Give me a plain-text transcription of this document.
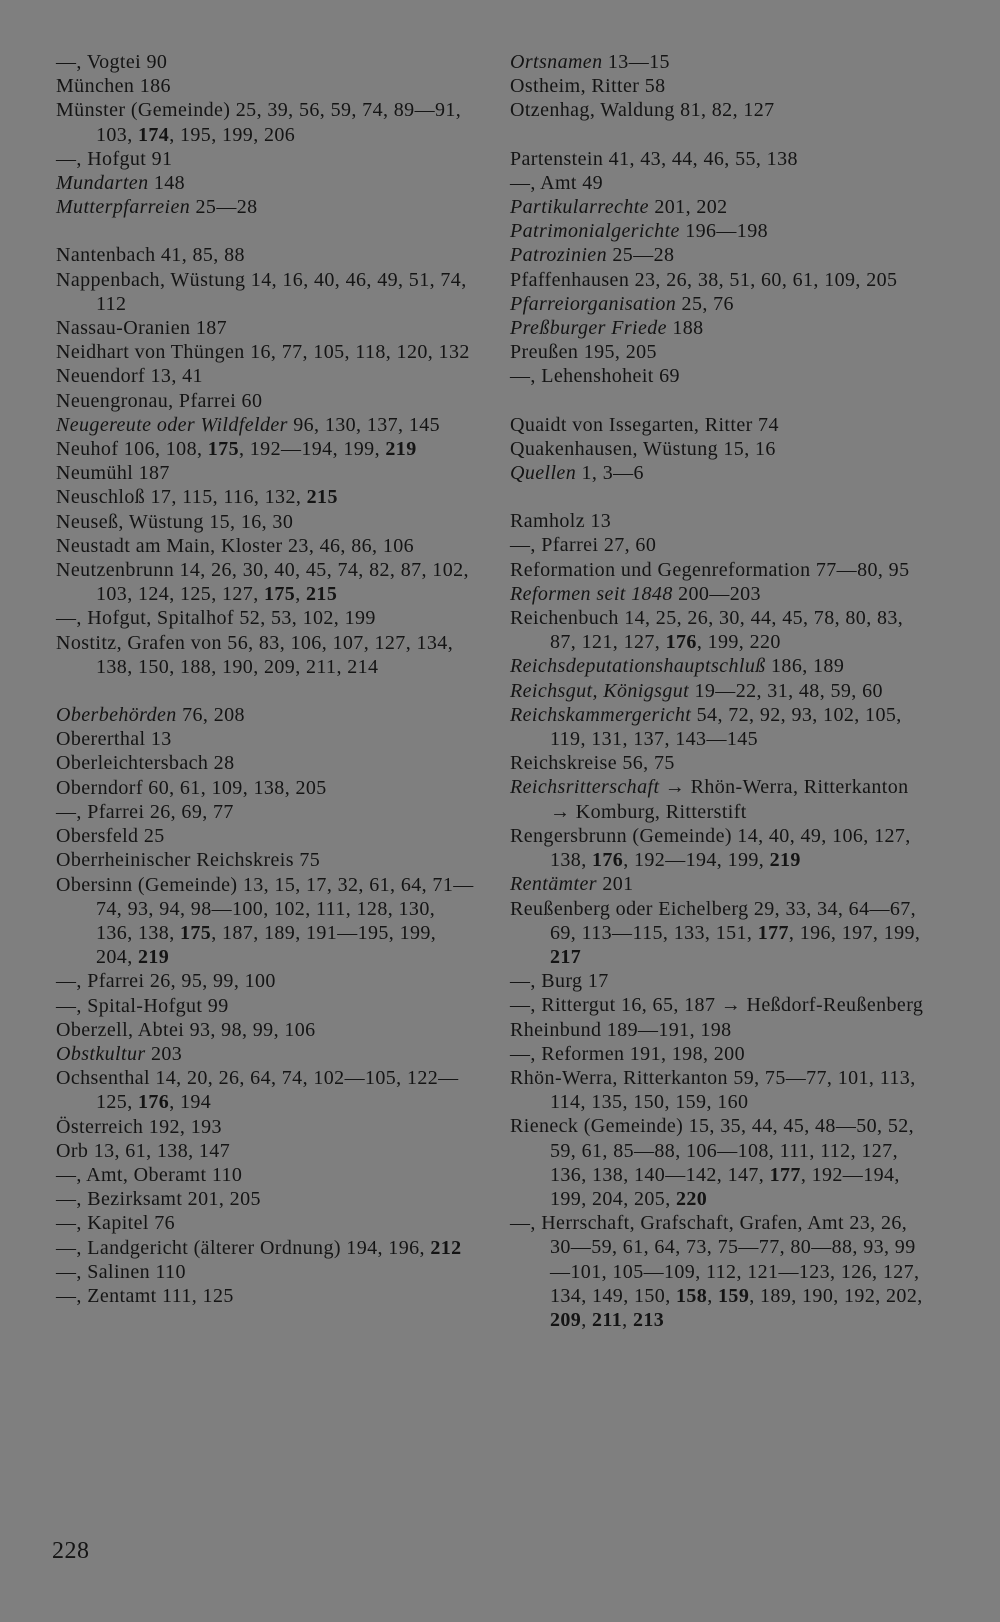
—, Vogtei 90
München 186
Münster (Gemeinde) 25, 39, 56, 59, 74, 89—91, 103, 174, 195, 199, 206
—, Hofgut 91
Mundarten 148
Mutterpfarreien 25—28
Nantenbach 41, 85, 88
Nappenbach, Wüstung 14, 16, 40, 46, 49, 51, 74, 112
Nassau-Oranien 187
Neidhart von Thüngen 16, 77, 105, 118, 120, 132
Neuendorf 13, 41
Neuengronau, Pfarrei 60
Neugereute oder Wildfelder 96, 130, 137, 145
Neuhof 106, 108, 175, 192—194, 199, 219
Neumühl 187
Neuschloß 17, 115, 116, 132, 215
Neuseß, Wüstung 15, 16, 30
Neustadt am Main, Kloster 23, 46, 86, 106
Neutzenbrunn 14, 26, 30, 40, 45, 74, 82, 87, 102, 103, 124, 125, 127, 175, 215
—, Hofgut, Spitalhof 52, 53, 102, 199
Nostitz, Grafen von 56, 83, 106, 107, 127, 134, 138, 150, 188, 190, 209, 211, 214
Oberbehörden 76, 208
Obererthal 13
Oberleichtersbach 28
Oberndorf 60, 61, 109, 138, 205
—, Pfarrei 26, 69, 77
Obersfeld 25
Oberrheinischer Reichskreis 75
Obersinn (Gemeinde) 13, 15, 17, 32, 61, 64, 71—74, 93, 94, 98—100, 102, 111, 128, 130, 136, 138, 175, 187, 189, 191—195, 199, 204, 219
—, Pfarrei 26, 95, 99, 100
—, Spital-Hofgut 99
Oberzell, Abtei 93, 98, 99, 106
Obstkultur 203
Ochsenthal 14, 20, 26, 64, 74, 102—105, 122—125, 176, 194
Österreich 192, 193
Orb 13, 61, 138, 147
—, Amt, Oberamt 110
—, Bezirksamt 201, 205
—, Kapitel 76
—, Landgericht (älterer Ordnung) 194, 196, 212
—, Salinen 110
—, Zentamt 111, 125
Ortsnamen 13—15
Ostheim, Ritter 58
Otzenhag, Waldung 81, 82, 127
Partenstein 41, 43, 44, 46, 55, 138
—, Amt 49
Partikularrechte 201, 202
Patrimonialgerichte 196—198
Patrozinien 25—28
Pfaffenhausen 23, 26, 38, 51, 60, 61, 109, 205
Pfarreiorganisation 25, 76
Preßburger Friede 188
Preußen 195, 205
—, Lehenshoheit 69
Quaidt von Issegarten, Ritter 74
Quakenhausen, Wüstung 15, 16
Quellen 1, 3—6
Ramholz 13
—, Pfarrei 27, 60
Reformation und Gegenreformation 77—80, 95
Reformen seit 1848 200—203
Reichenbuch 14, 25, 26, 30, 44, 45, 78, 80, 83, 87, 121, 127, 176, 199, 220
Reichsdeputationshauptschluß 186, 189
Reichsgut, Königsgut 19—22, 31, 48, 59, 60
Reichskammergericht 54, 72, 92, 93, 102, 105, 119, 131, 137, 143—145
Reichskreise 56, 75
Reichsritterschaft → Rhön-Werra, Ritterkanton → Komburg, Ritterstift
Rengersbrunn (Gemeinde) 14, 40, 49, 106, 127, 138, 176, 192—194, 199, 219
Rentämter 201
Reußenberg oder Eichelberg 29, 33, 34, 64—67, 69, 113—115, 133, 151, 177, 196, 197, 199, 217
—, Burg 17
—, Rittergut 16, 65, 187 → Heßdorf-Reußenberg
Rheinbund 189—191, 198
—, Reformen 191, 198, 200
Rhön-Werra, Ritterkanton 59, 75—77, 101, 113, 114, 135, 150, 159, 160
Rieneck (Gemeinde) 15, 35, 44, 45, 48—50, 52, 59, 61, 85—88, 106—108, 111, 112, 127, 136, 138, 140—142, 147, 177, 192—194, 199, 204, 205, 220
—, Herrschaft, Grafschaft, Grafen, Amt 23, 26, 30—59, 61, 64, 73, 75—77, 80—88, 93, 99—101, 105—109, 112, 121—123, 126, 127, 134, 149, 150, 158, 159, 189, 190, 192, 202, 209, 211, 213
228
